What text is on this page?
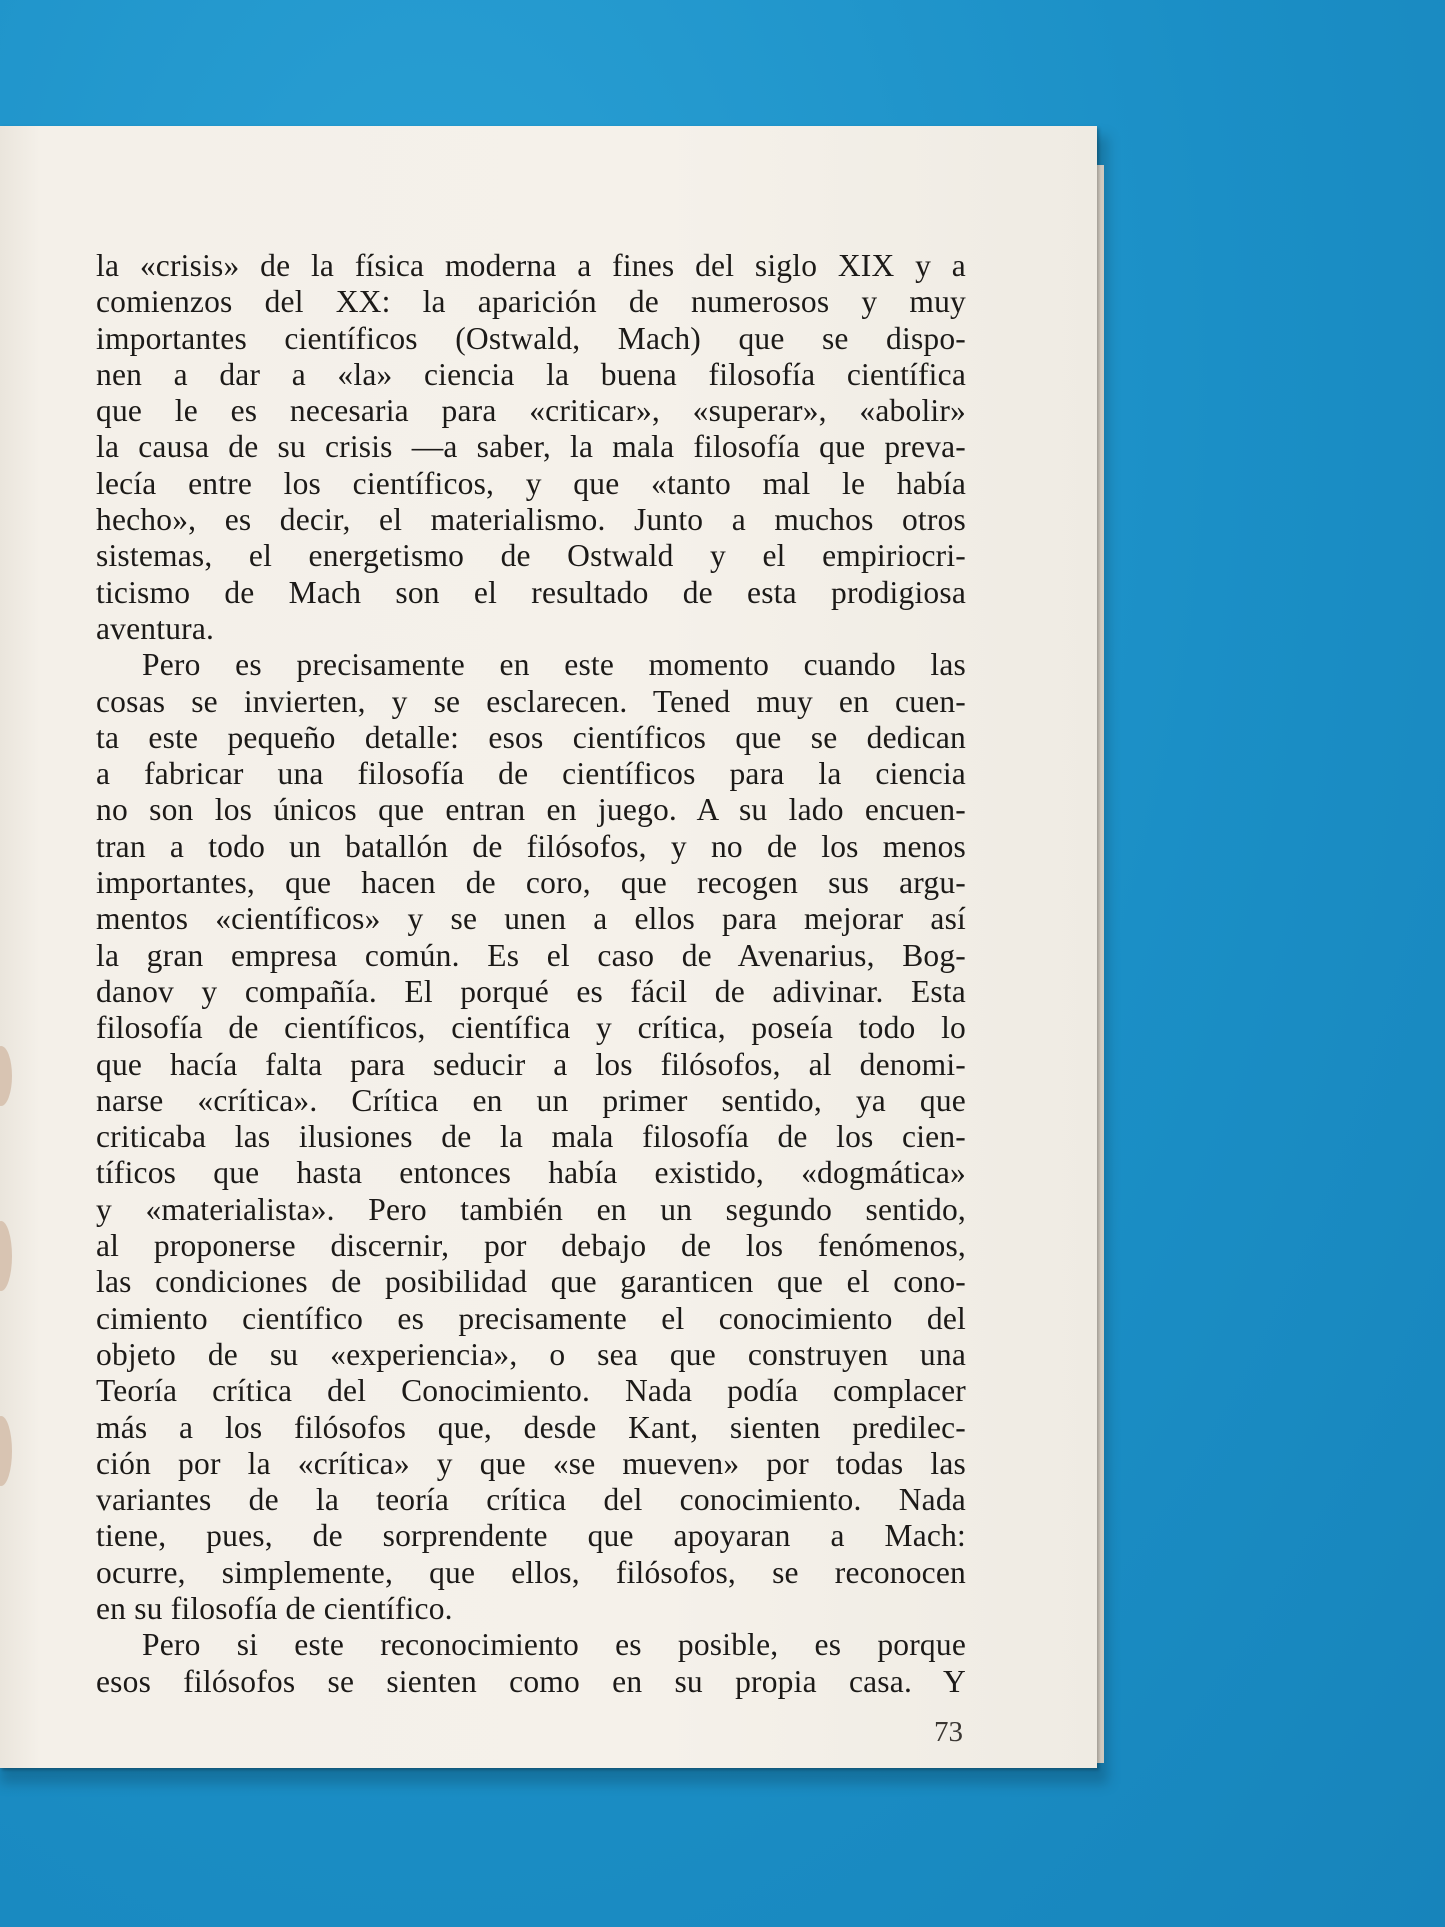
la «crisis» de la física moderna a fines del siglo XIX y a
comienzos del XX: la aparición de numerosos y muy
importantes científicos (Ostwald, Mach) que se dispo-
nen a dar a «la» ciencia la buena filosofía científica
que le es necesaria para «criticar», «superar», «abolir»
la causa de su crisis —a saber, la mala filosofía que preva-
lecía entre los científicos, y que «tanto mal le había
hecho», es decir, el materialismo. Junto a muchos otros
sistemas, el energetismo de Ostwald y el empiriocri-
ticismo de Mach son el resultado de esta prodigiosa
aventura.
Pero es precisamente en este momento cuando las
cosas se invierten, y se esclarecen. Tened muy en cuen-
ta este pequeño detalle: esos científicos que se dedican
a fabricar una filosofía de científicos para la ciencia
no son los únicos que entran en juego. A su lado encuen-
tran a todo un batallón de filósofos, y no de los menos
importantes, que hacen de coro, que recogen sus argu-
mentos «científicos» y se unen a ellos para mejorar así
la gran empresa común. Es el caso de Avenarius, Bog-
danov y compañía. El porqué es fácil de adivinar. Esta
filosofía de científicos, científica y crítica, poseía todo lo
que hacía falta para seducir a los filósofos, al denomi-
narse «crítica». Crítica en un primer sentido, ya que
criticaba las ilusiones de la mala filosofía de los cien-
tíficos que hasta entonces había existido, «dogmática»
y «materialista». Pero también en un segundo sentido,
al proponerse discernir, por debajo de los fenómenos,
las condiciones de posibilidad que garanticen que el cono-
cimiento científico es precisamente el conocimiento del
objeto de su «experiencia», o sea que construyen una
Teoría crítica del Conocimiento. Nada podía complacer
más a los filósofos que, desde Kant, sienten predilec-
ción por la «crítica» y que «se mueven» por todas las
variantes de la teoría crítica del conocimiento. Nada
tiene, pues, de sorprendente que apoyaran a Mach:
ocurre, simplemente, que ellos, filósofos, se reconocen
en su filosofía de científico.
Pero si este reconocimiento es posible, es porque
esos filósofos se sienten como en su propia casa. Y
73
